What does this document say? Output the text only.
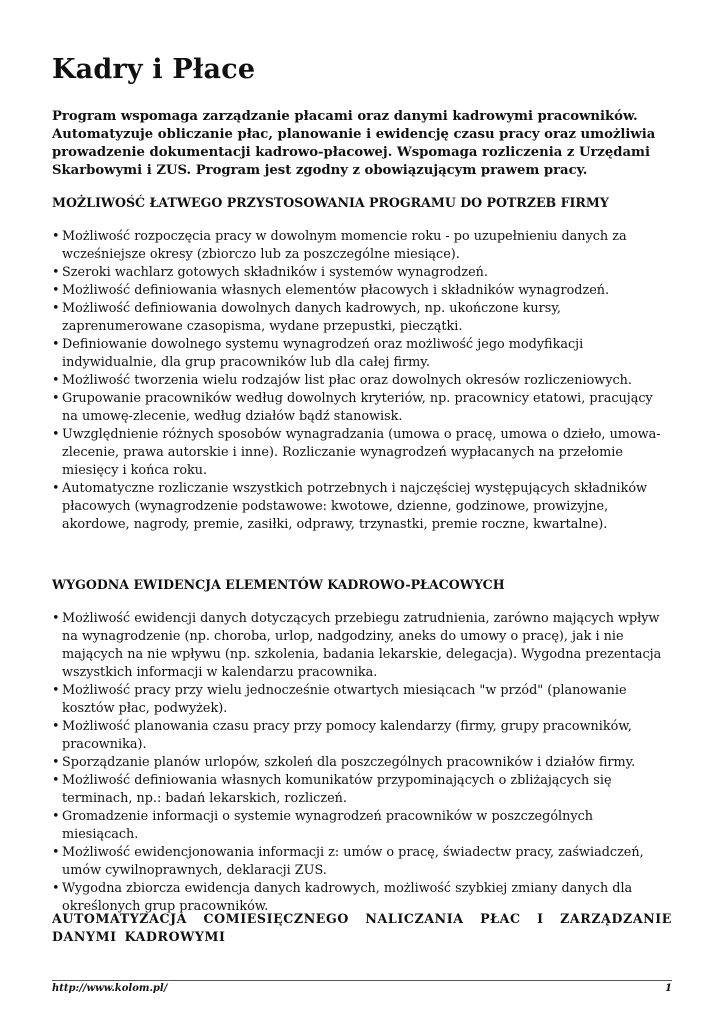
Kadry i Płace

Program wspomaga zarządzanie płacami oraz danymi kadrowymi pracowników. Automatyzuje obliczanie płac, planowanie i ewidencję czasu pracy oraz umożliwia prowadzenie dokumentacji kadrowo-płacowej. Wspomaga rozliczenia z Urzędami Skarbowymi i ZUS. Program jest zgodny z obowiązującym prawem pracy.

MOŻLIWOŚĆ ŁATWEGO PRZYSTOSOWANIA PROGRAMU DO POTRZEB FIRMY

• Możliwość rozpoczęcia pracy w dowolnym momencie roku - po uzupełnieniu danych za wcześniejsze okresy (zbiorczo lub za poszczególne miesiące).
• Szeroki wachlarz gotowych składników i systemów wynagrodzeń.
• Możliwość definiowania własnych elementów płacowych i składników wynagrodzeń.
• Możliwość definiowania dowolnych danych kadrowych, np. ukończone kursy, zaprenumerowane czasopisma, wydane przepustki, pieczątki.
• Definiowanie dowolnego systemu wynagrodzeń oraz możliwość jego modyfikacji indywidualnie, dla grup pracowników lub dla całej firmy.
• Możliwość tworzenia wielu rodzajów list płac oraz dowolnych okresów rozliczeniowych.
• Grupowanie pracowników według dowolnych kryteriów, np. pracownicy etatowi, pracujący na umowę-zlecenie, według działów bądź stanowisk.
• Uwzględnienie różnych sposobów wynagradzania (umowa o pracę, umowa o dzieło, umowa-zlecenie, prawa autorskie i inne). Rozliczanie wynagrodzeń wypłacanych na przełomie miesięcy i końca roku.
• Automatyczne rozliczanie wszystkich potrzebnych i najczęściej występujących składników płacowych (wynagrodzenie podstawowe: kwotowe, dzienne, godzinowe, prowizyjne, akordowe, nagrody, premie, zasiłki, odprawy, trzynastki, premie roczne, kwartalne).

WYGODNA EWIDENCJA ELEMENTÓW KADROWO-PŁACOWYCH

• Możliwość ewidencji danych dotyczących przebiegu zatrudnienia, zarówno mających wpływ na wynagrodzenie (np. choroba, urlop, nadgodziny, aneks do umowy o pracę), jak i nie mających na nie wpływu (np. szkolenia, badania lekarskie, delegacja). Wygodna prezentacja wszystkich informacji w kalendarzu pracownika.
• Możliwość pracy przy wielu jednocześnie otwartych miesiącach "w przód" (planowanie kosztów płac, podwyżek).
• Możliwość planowania czasu pracy przy pomocy kalendarzy (firmy, grupy pracowników, pracownika).
• Sporządzanie planów urlopów, szkoleń dla poszczególnych pracowników i działów firmy.
• Możliwość definiowania własnych komunikatów przypominających o zbliżających się terminach, np.: badań lekarskich, rozliczeń.
• Gromadzenie informacji o systemie wynagrodzeń pracowników w poszczególnych miesiącach.
• Możliwość ewidencjonowania informacji z: umów o pracę, świadectw pracy, zaświadczeń, umów cywilnoprawnych, deklaracji ZUS.
• Wygodna zbiorcza ewidencja danych kadrowych, możliwość szybkiej zmiany danych dla określonych grup pracowników.

AUTOMATYZACJA COMIESIĘCZNEGO NALICZANIA PŁAC I ZARZĄDZANIE DANYMI KADROWYMI

http://www.kolom.pl/	1
